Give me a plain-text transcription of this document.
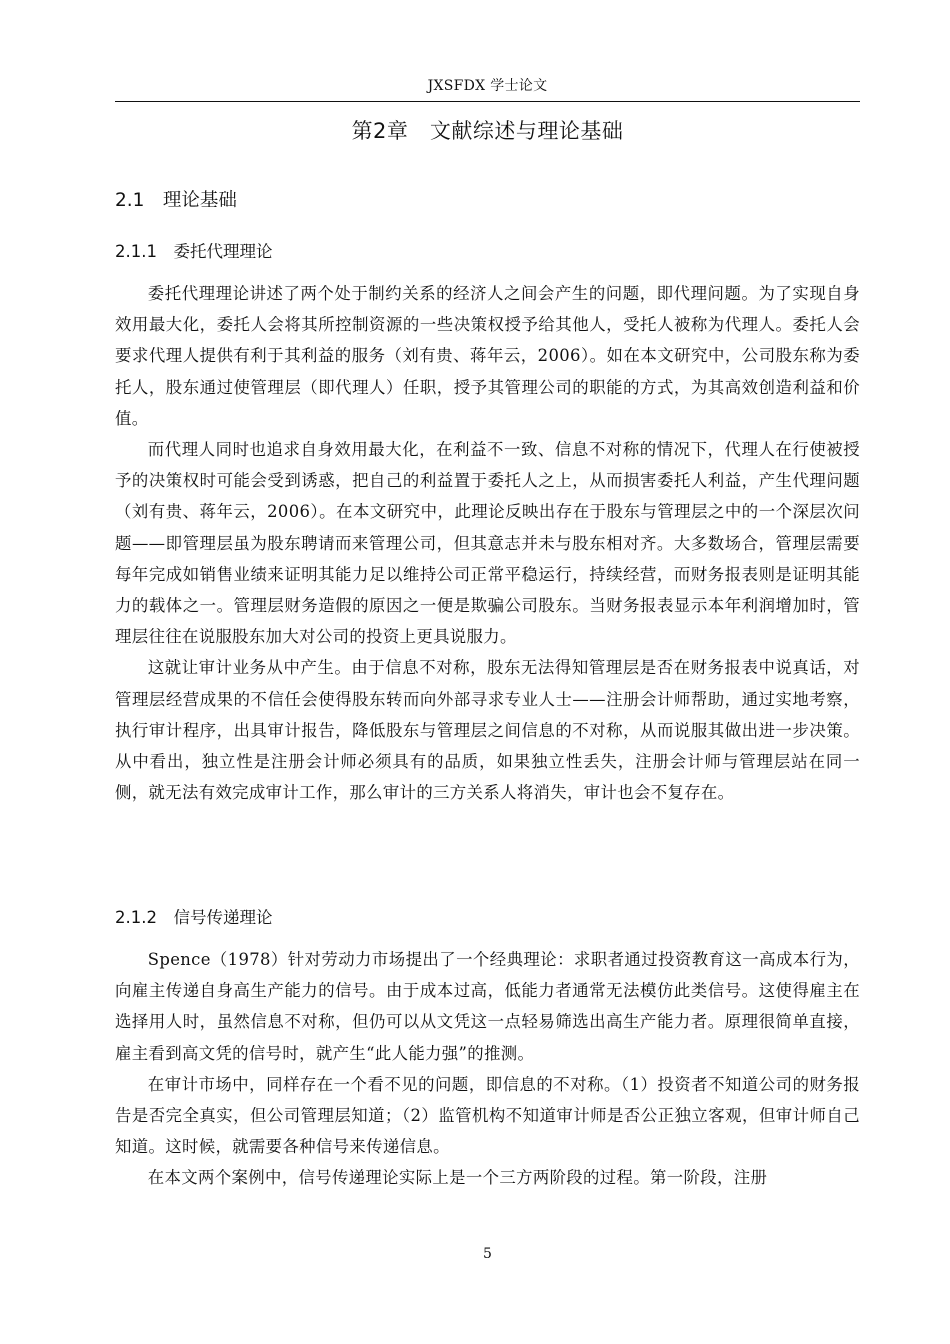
JXSFDX 学士论文
第2章　文献综述与理论基础
2.1　理论基础
2.1.1　委托代理理论

委托代理理论讲述了两个处于制约关系的经济人之间会产生的问题，即代理问题。为了实现自身效用最大化，委托人会将其所控制资源的一些决策权授予给其他人，受托人被称为代理人。委托人会要求代理人提供有利于其利益的服务（刘有贵、蒋年云，2006）。如在本文研究中，公司股东称为委托人，股东通过使管理层（即代理人）任职，授予其管理公司的职能的方式，为其高效创造利益和价值。

而代理人同时也追求自身效用最大化，在利益不一致、信息不对称的情况下，代理人在行使被授予的决策权时可能会受到诱惑，把自己的利益置于委托人之上，从而损害委托人利益，产生代理问题（刘有贵、蒋年云，2006）。在本文研究中，此理论反映出存在于股东与管理层之中的一个深层次问题——即管理层虽为股东聘请而来管理公司，但其意志并未与股东相对齐。大多数场合，管理层需要每年完成如销售业绩来证明其能力足以维持公司正常平稳运行，持续经营，而财务报表则是证明其能力的载体之一。管理层财务造假的原因之一便是欺骗公司股东。当财务报表显示本年利润增加时，管理层往往在说服股东加大对公司的投资上更具说服力。

这就让审计业务从中产生。由于信息不对称，股东无法得知管理层是否在财务报表中说真话，对管理层经营成果的不信任会使得股东转而向外部寻求专业人士——注册会计师帮助，通过实地考察，执行审计程序，出具审计报告，降低股东与管理层之间信息的不对称，从而说服其做出进一步决策。从中看出，独立性是注册会计师必须具有的品质，如果独立性丢失，注册会计师与管理层站在同一侧，就无法有效完成审计工作，那么审计的三方关系人将消失，审计也会不复存在。

2.1.2　信号传递理论

Spence（1978）针对劳动力市场提出了一个经典理论：求职者通过投资教育这一高成本行为，向雇主传递自身高生产能力的信号。由于成本过高，低能力者通常无法模仿此类信号。这使得雇主在选择用人时，虽然信息不对称，但仍可以从文凭这一点轻易筛选出高生产能力者。原理很简单直接，雇主看到高文凭的信号时，就产生“此人能力强”的推测。

在审计市场中，同样存在一个看不见的问题，即信息的不对称。（1）投资者不知道公司的财务报告是否完全真实，但公司管理层知道；（2）监管机构不知道审计师是否公正独立客观，但审计师自己知道。这时候，就需要各种信号来传递信息。

在本文两个案例中，信号传递理论实际上是一个三方两阶段的过程。第一阶段，注册

5
